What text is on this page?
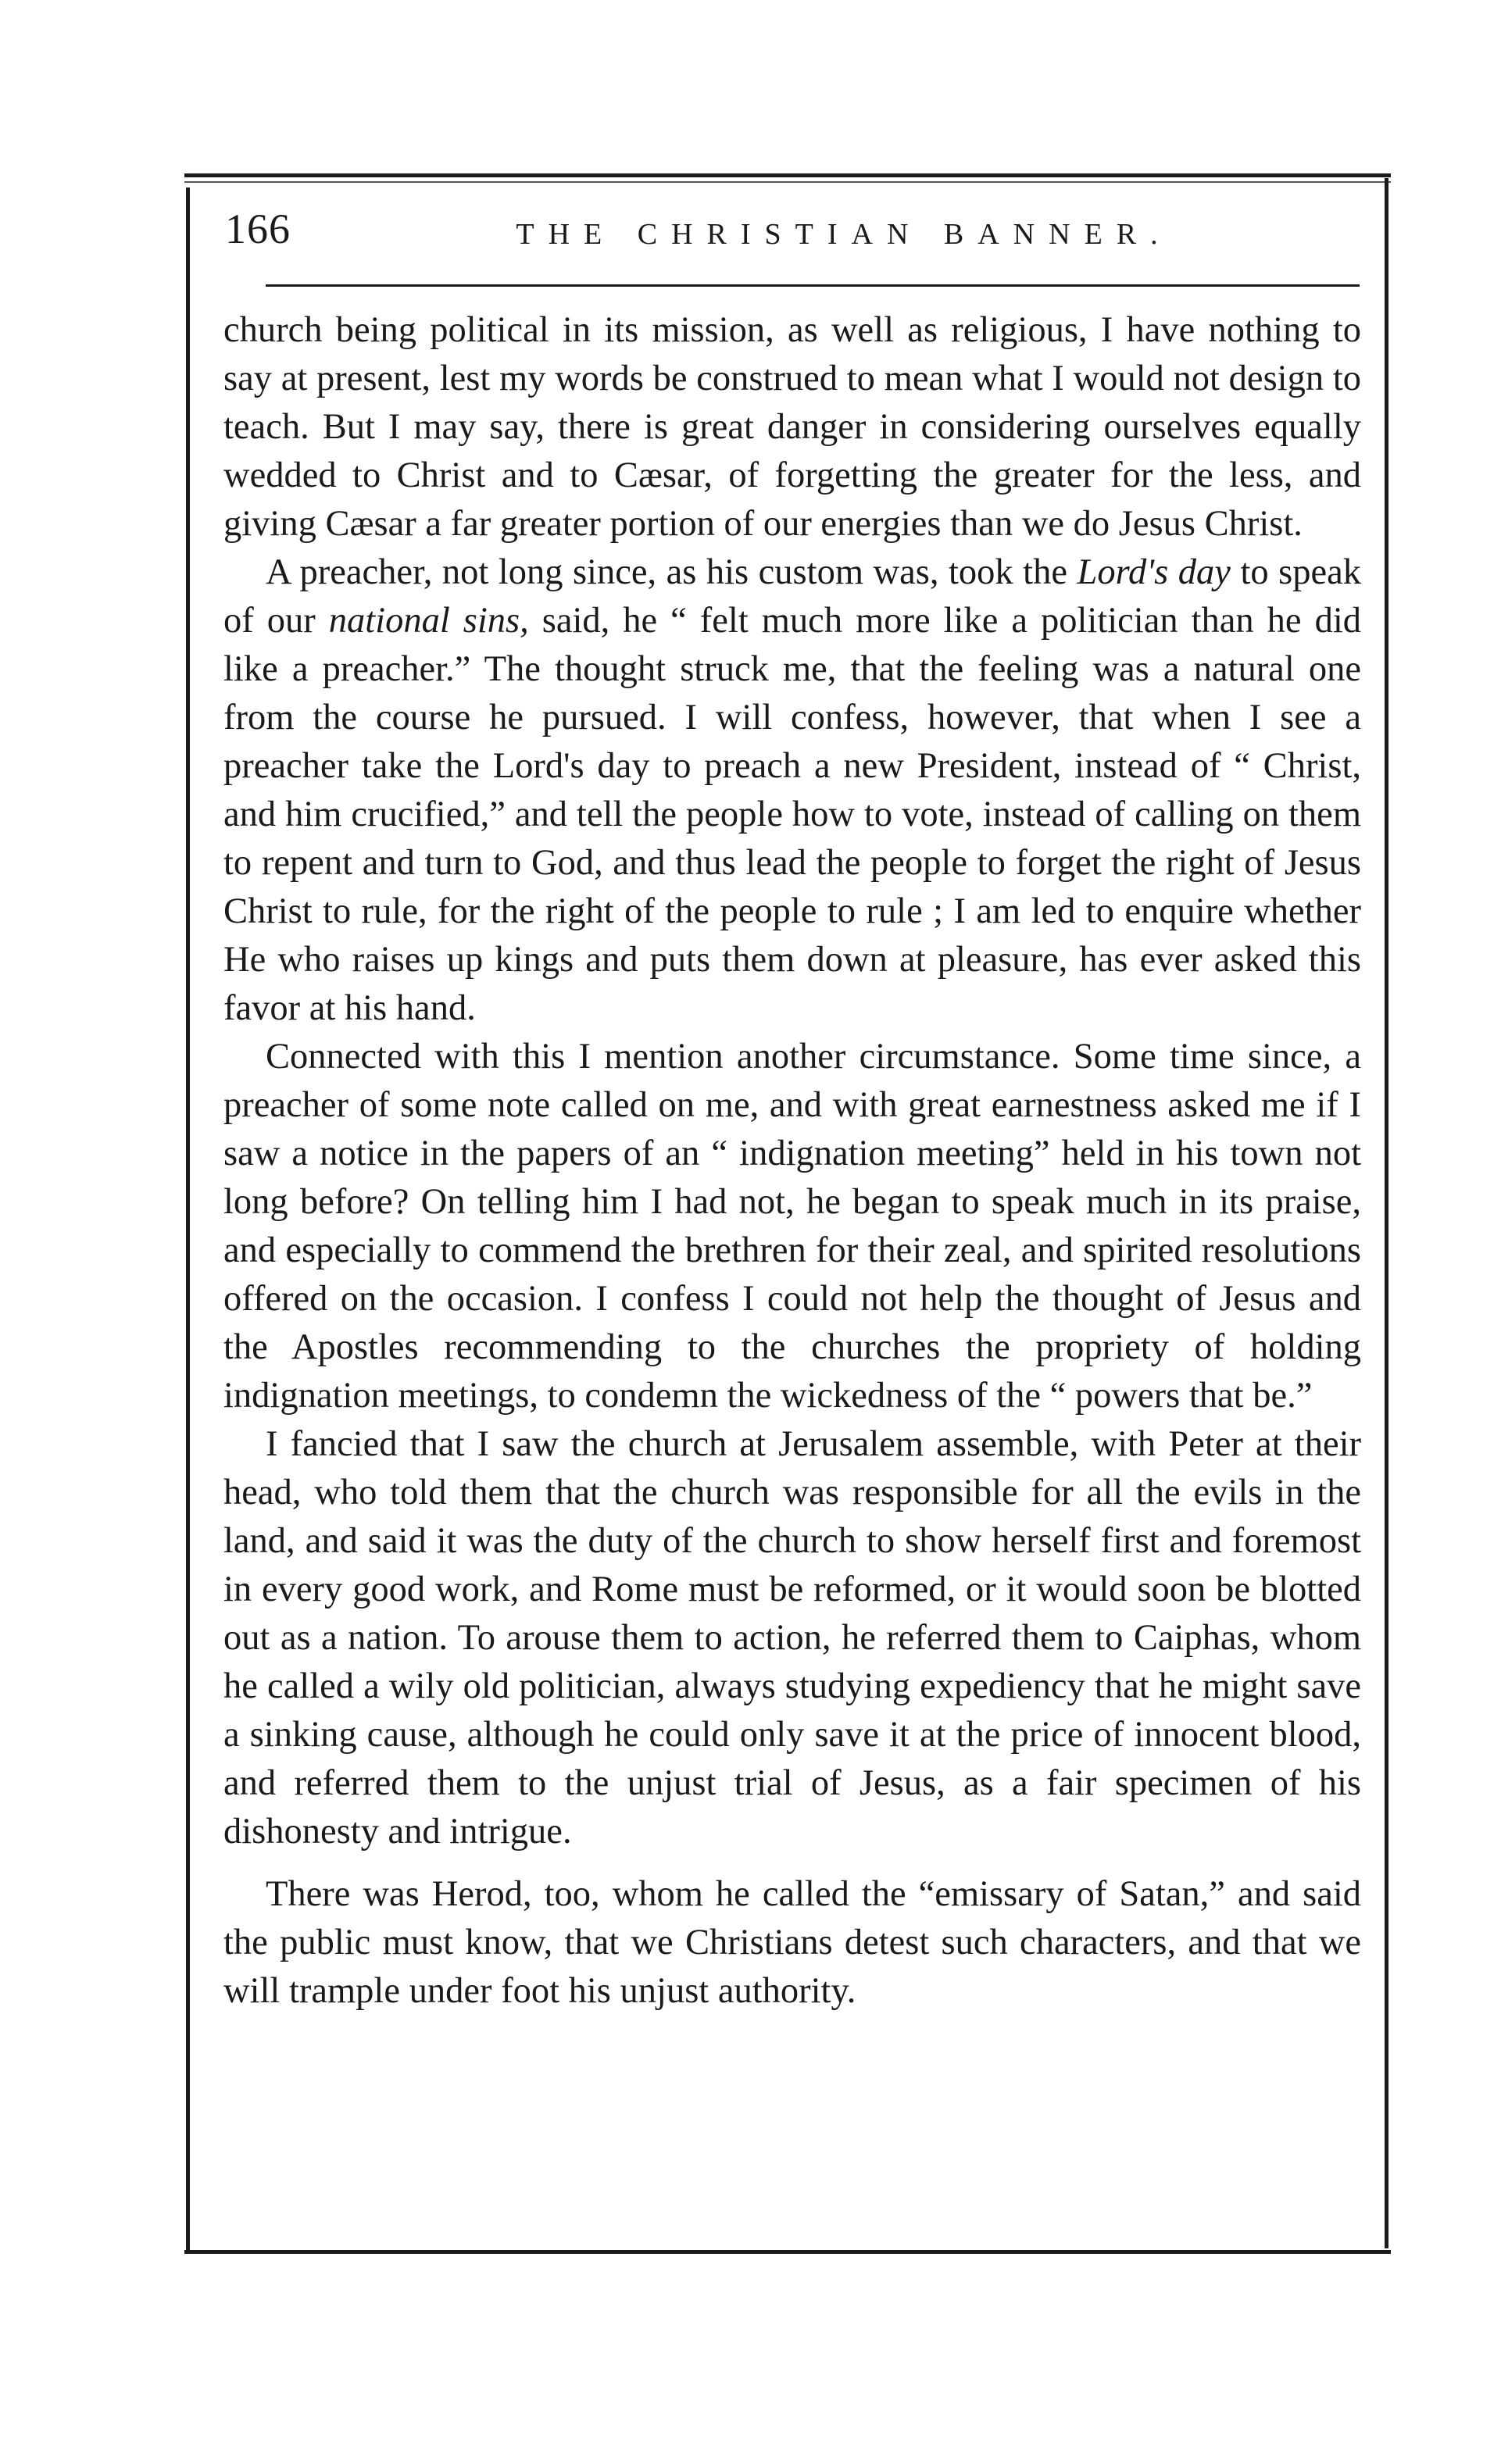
166	THE CHRISTIAN BANNER.

church being political in its mission, as well as religious, I have nothing to say at present, lest my words be construed to mean what I would not design to teach. But I may say, there is great danger in considering ourselves equally wedded to Christ and to Cæsar, of forgetting the greater for the less, and giving Cæsar a far greater portion of our energies than we do Jesus Christ.

A preacher, not long since, as his custom was, took the Lord's day to speak of our national sins, said, he “ felt much more like a politician than he did like a preacher.” The thought struck me, that the feeling was a natural one from the course he pursued. I will confess, however, that when I see a preacher take the Lord's day to preach a new President, instead of “ Christ, and him crucified,” and tell the people how to vote, instead of calling on them to repent and turn to God, and thus lead the people to forget the right of Jesus Christ to rule, for the right of the people to rule ; I am led to enquire whether He who raises up kings and puts them down at pleasure, has ever asked this favor at his hand.

Connected with this I mention another circumstance. Some time since, a preacher of some note called on me, and with great earnestness asked me if I saw a notice in the papers of an “ indignation meeting” held in his town not long before? On telling him I had not, he began to speak much in its praise, and especially to commend the brethren for their zeal, and spirited resolutions offered on the occasion. I confess I could not help the thought of Jesus and the Apostles recommending to the churches the propriety of holding indignation meetings, to condemn the wickedness of the “ powers that be.”

I fancied that I saw the church at Jerusalem assemble, with Peter at their head, who told them that the church was responsible for all the evils in the land, and said it was the duty of the church to show herself first and foremost in every good work, and Rome must be reformed, or it would soon be blotted out as a nation. To arouse them to action, he referred them to Caiphas, whom he called a wily old politician, always studying expediency that he might save a sinking cause, although he could only save it at the price of innocent blood, and referred them to the unjust trial of Jesus, as a fair specimen of his dishonesty and intrigue.

There was Herod, too, whom he called the “emissary of Satan,” and said the public must know, that we Christians detest such characters, and that we will trample under foot his unjust authority.
